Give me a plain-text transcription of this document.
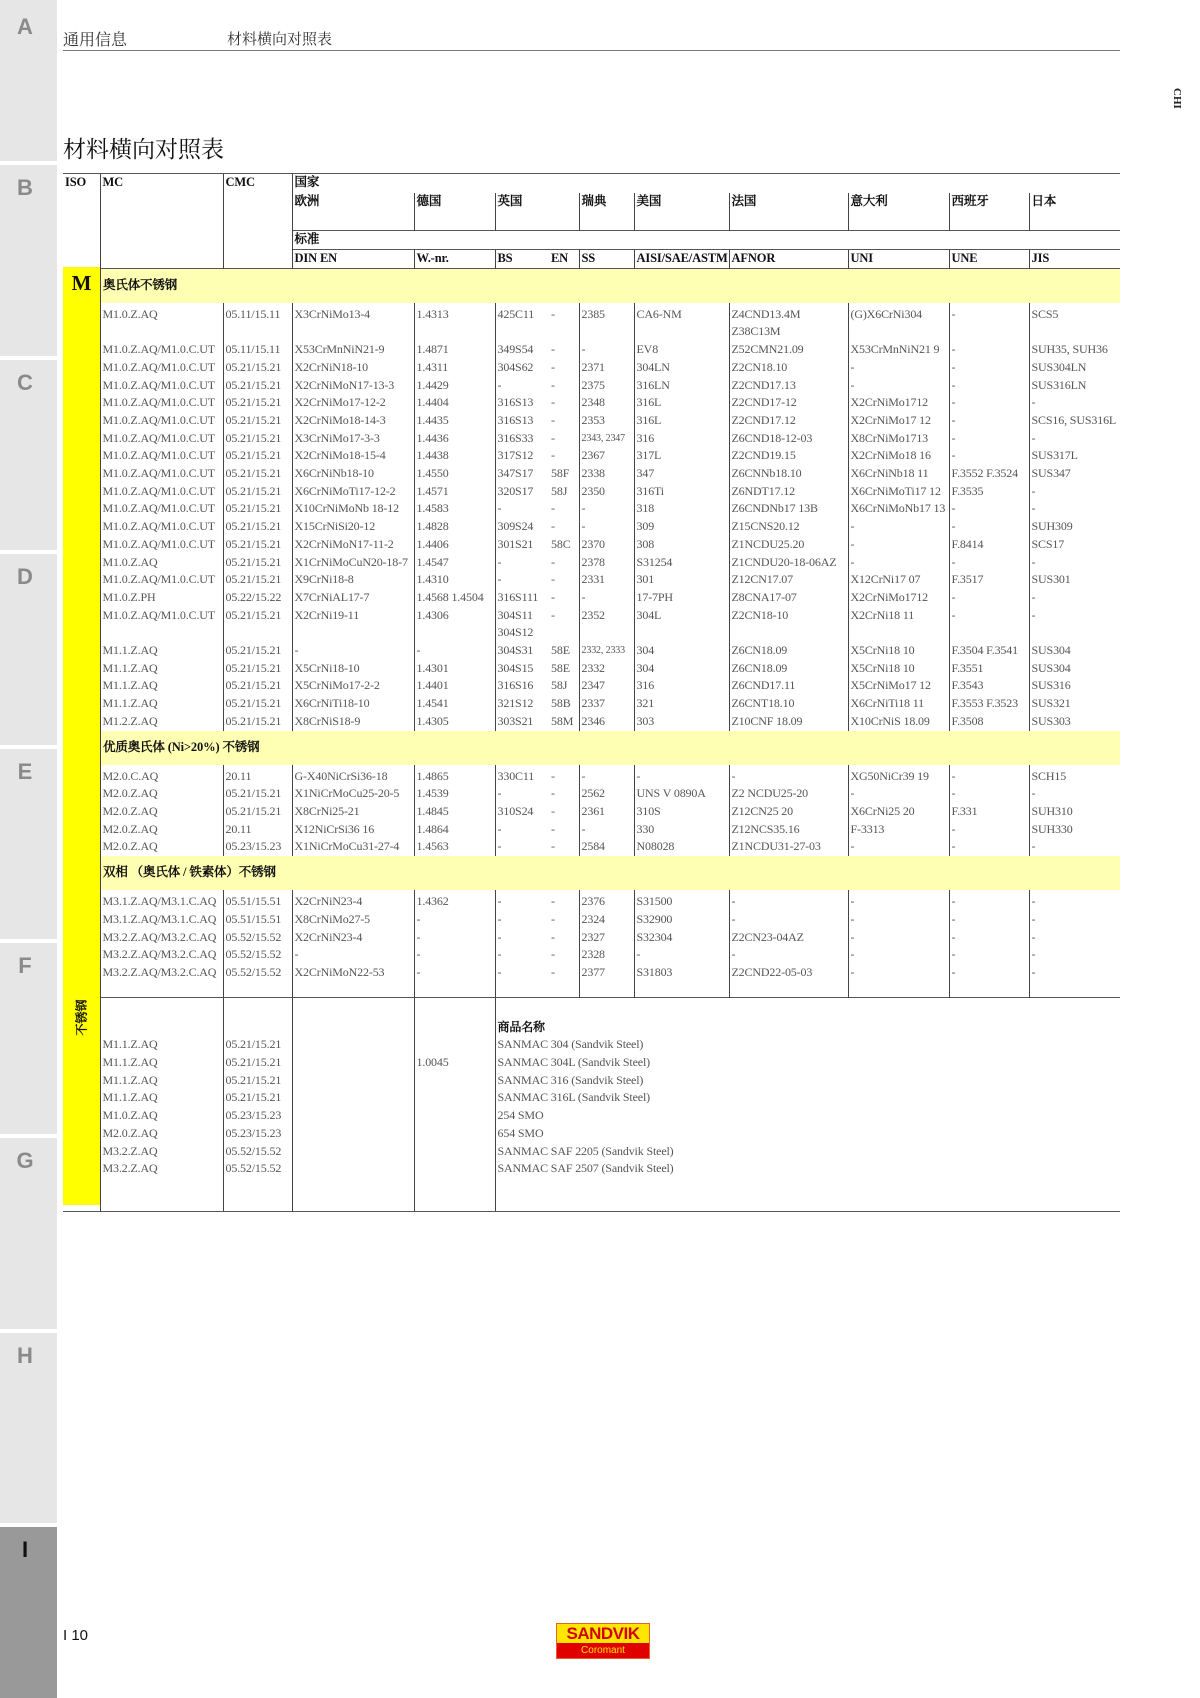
A
B
C
D
E
F
G
H
I
通用信息	材料横向对照表
CHI
材料横向对照表
ISO	MC	CMC	国家									
			欧洲	德国	英国		瑞典	美国	法国	意大利	西班牙	日本
			标准									
			DIN EN	W.-nr.	BS	EN	SS	AISI/SAE/ASTM	AFNOR	UNI	UNE	JIS
	奥氏体不锈钢											
	M1.0.Z.AQ	05.11/15.11	X3CrNiMo13-4	1.4313	425C11	-	2385	CA6-NM	Z4CND13.4M
Z38C13M	(G)X6CrNi304	-	SCS5
	M1.0.Z.AQ/M1.0.C.UT	05.11/15.11	X53CrMnNiN21-9	1.4871	349S54	-	-	EV8	Z52CMN21.09	X53CrMnNiN21 9	-	SUH35, SUH36
	M1.0.Z.AQ/M1.0.C.UT	05.21/15.21	X2CrNiN18-10	1.4311	304S62	-	2371	304LN	Z2CN18.10	-	-	SUS304LN
	M1.0.Z.AQ/M1.0.C.UT	05.21/15.21	X2CrNiMoN17-13-3	1.4429	-	-	2375	316LN	Z2CND17.13	-	-	SUS316LN
	M1.0.Z.AQ/M1.0.C.UT	05.21/15.21	X2CrNiMo17-12-2	1.4404	316S13	-	2348	316L	Z2CND17-12	X2CrNiMo1712	-	-
	M1.0.Z.AQ/M1.0.C.UT	05.21/15.21	X2CrNiMo18-14-3	1.4435	316S13	-	2353	316L	Z2CND17.12	X2CrNiMo17 12	-	SCS16, SUS316L
	M1.0.Z.AQ/M1.0.C.UT	05.21/15.21	X3CrNiMo17-3-3	1.4436	316S33	-	2343, 2347	316	Z6CND18-12-03	X8CrNiMo1713	-	-
	M1.0.Z.AQ/M1.0.C.UT	05.21/15.21	X2CrNiMo18-15-4	1.4438	317S12	-	2367	317L	Z2CND19.15	X2CrNiMo18 16	-	SUS317L
	M1.0.Z.AQ/M1.0.C.UT	05.21/15.21	X6CrNiNb18-10	1.4550	347S17	58F	2338	347	Z6CNNb18.10	X6CrNiNb18 11	F.3552 F.3524	SUS347
	M1.0.Z.AQ/M1.0.C.UT	05.21/15.21	X6CrNiMoTi17-12-2	1.4571	320S17	58J	2350	316Ti	Z6NDT17.12	X6CrNiMoTi17 12	F.3535	-
	M1.0.Z.AQ/M1.0.C.UT	05.21/15.21	X10CrNiMoNb 18-12	1.4583	-	-	-	318	Z6CNDNb17 13B	X6CrNiMoNb17 13	-	-
	M1.0.Z.AQ/M1.0.C.UT	05.21/15.21	X15CrNiSi20-12	1.4828	309S24	-	-	309	Z15CNS20.12	-	-	SUH309
	M1.0.Z.AQ/M1.0.C.UT	05.21/15.21	X2CrNiMoN17-11-2	1.4406	301S21	58C	2370	308	Z1NCDU25.20	-	F.8414	SCS17
	M1.0.Z.AQ	05.21/15.21	X1CrNiMoCuN20-18-7	1.4547	-	-	2378	S31254	Z1CNDU20-18-06AZ	-	-	-
	M1.0.Z.AQ/M1.0.C.UT	05.21/15.21	X9CrNi18-8	1.4310	-	-	2331	301	Z12CN17.07	X12CrNi17 07	F.3517	SUS301
	M1.0.Z.PH	05.22/15.22	X7CrNiAL17-7	1.4568 1.4504	316S111	-	-	17-7PH	Z8CNA17-07	X2CrNiMo1712	-	-
	M1.0.Z.AQ/M1.0.C.UT	05.21/15.21	X2CrNi19-11	1.4306	304S11
304S12	-	2352	304L	Z2CN18-10	X2CrNi18 11	-	-
	M1.1.Z.AQ	05.21/15.21	-	-	304S31	58E	2332, 2333	304	Z6CN18.09	X5CrNi18 10	F.3504 F.3541	SUS304
	M1.1.Z.AQ	05.21/15.21	X5CrNi18-10	1.4301	304S15	58E	2332	304	Z6CN18.09	X5CrNi18 10	F.3551	SUS304
	M1.1.Z.AQ	05.21/15.21	X5CrNiMo17-2-2	1.4401	316S16	58J	2347	316	Z6CND17.11	X5CrNiMo17 12	F.3543	SUS316
	M1.1.Z.AQ	05.21/15.21	X6CrNiTi18-10	1.4541	321S12	58B	2337	321	Z6CNT18.10	X6CrNiTi18 11	F.3553 F.3523	SUS321
	M1.2.Z.AQ	05.21/15.21	X8CrNiS18-9	1.4305	303S21	58M	2346	303	Z10CNF 18.09	X10CrNiS 18.09	F.3508	SUS303
	优质奥氏体 (Ni>20%) 不锈钢											
	M2.0.C.AQ	20.11	G-X40NiCrSi36-18	1.4865	330C11	-	-	-	-	XG50NiCr39 19	-	SCH15
	M2.0.Z.AQ	05.21/15.21	X1NiCrMoCu25-20-5	1.4539	-	-	2562	UNS V 0890A	Z2 NCDU25-20	-	-	-
	M2.0.Z.AQ	05.21/15.21	X8CrNi25-21	1.4845	310S24	-	2361	310S	Z12CN25 20	X6CrNi25 20	F.331	SUH310
	M2.0.Z.AQ	20.11	X12NiCrSi36 16	1.4864	-	-	-	330	Z12NCS35.16	F-3313	-	SUH330
	M2.0.Z.AQ	05.23/15.23	X1NiCrMoCu31-27-4	1.4563	-	-	2584	N08028	Z1NCDU31-27-03	-	-	-
	双相 （奥氏体 / 铁素体）不锈钢											
	M3.1.Z.AQ/M3.1.C.AQ	05.51/15.51	X2CrNiN23-4	1.4362	-	-	2376	S31500	-	-	-	-
	M3.1.Z.AQ/M3.1.C.AQ	05.51/15.51	X8CrNiMo27-5	-	-	-	2324	S32900	-	-	-	-
	M3.2.Z.AQ/M3.2.C.AQ	05.52/15.52	X2CrNiN23-4	-	-	-	2327	S32304	Z2CN23-04AZ	-	-	-
	M3.2.Z.AQ/M3.2.C.AQ	05.52/15.52	-	-	-	-	2328	-	-	-	-	-
	M3.2.Z.AQ/M3.2.C.AQ	05.52/15.52	X2CrNiMoN22-53	-	-	-	2377	S31803	Z2CND22-05-03	-	-	-

					商品名称							
	M1.1.Z.AQ	05.21/15.21			SANMAC 304 (Sandvik Steel)							
	M1.1.Z.AQ	05.21/15.21		1.0045	SANMAC 304L (Sandvik Steel)							
	M1.1.Z.AQ	05.21/15.21			SANMAC 316 (Sandvik Steel)							
	M1.1.Z.AQ	05.21/15.21			SANMAC 316L (Sandvik Steel)							
	M1.0.Z.AQ	05.23/15.23			254 SMO							
	M2.0.Z.AQ	05.23/15.23			654 SMO							
	M3.2.Z.AQ	05.52/15.52			SANMAC SAF 2205 (Sandvik Steel)							
	M3.2.Z.AQ	05.52/15.52			SANMAC SAF 2507 (Sandvik Steel)							

M
不锈钢
I 10	SANDVIK
Coromant
